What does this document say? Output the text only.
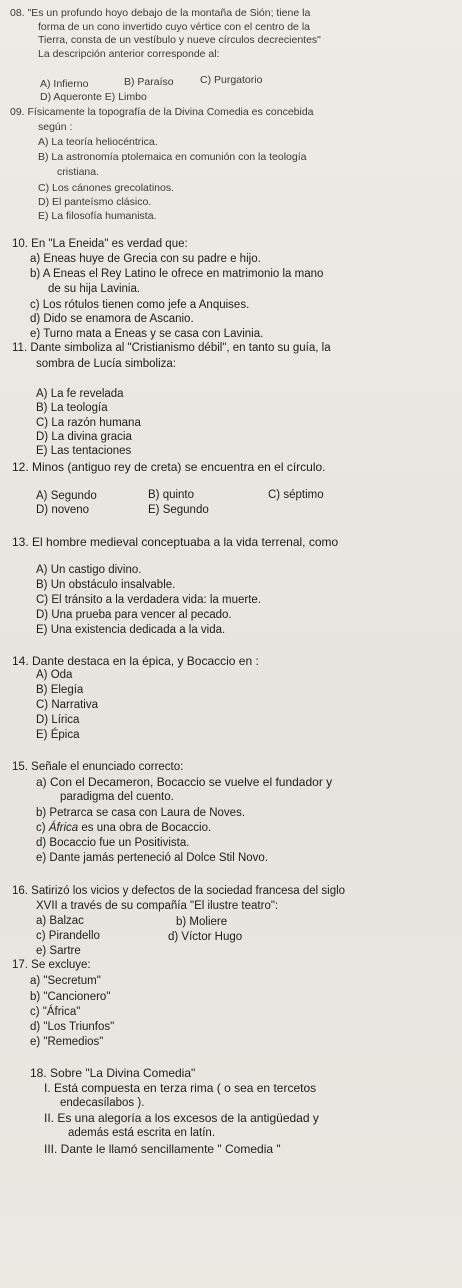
08. "Es un profundo hoyo debajo de la montaña de Sión; tiene la
forma de un cono invertido cuyo vértice con el centro de la
Tierra, consta de un vestíbulo y nueve círculos decrecientes"
La descripción anterior corresponde al:
A) Infierno	B) Paraíso	C) Purgatorio
D) Aqueronte E) Limbo
09. Físicamente la topografía de la Divina Comedia es concebida
según :
A) La teoría heliocéntrica.
B) La astronomía ptolemaica en comunión con la teología
cristiana.
C) Los cánones grecolatinos.
D) El panteísmo clásico.
E) La filosofía humanista.
10. En "La Eneida" es verdad que:
a) Eneas huye de Grecia con su padre e hijo.
b) A Eneas el Rey Latino le ofrece en matrimonio la mano
de su hija Lavinia.
c) Los rótulos tienen como jefe a Anquises.
d) Dido se enamora de Ascanio.
e) Turno mata a Eneas y se casa con Lavinia.
11. Dante simboliza al "Cristianismo débil", en tanto su guía, la
sombra de Lucía simboliza:
A) La fe revelada
B) La teología
C) La razón humana
D) La divina gracia
E) Las tentaciones
12. Minos (antiguo rey de creta) se encuentra en el círculo.
A) Segundo	B) quinto	C) séptimo
D) noveno	E) Segundo
13. El hombre medieval conceptuaba a la vida terrenal, como
A) Un castigo divino.
B) Un obstáculo insalvable.
C) El tránsito a la verdadera vida: la muerte.
D) Una prueba para vencer al pecado.
E) Una existencia dedicada a la vida.
14. Dante destaca en la épica, y Bocaccio en :
A) Oda
B) Elegía
C) Narrativa
D) Lírica
E) Épica
15. Señale el enunciado correcto:
a) Con el Decameron, Bocaccio se vuelve el fundador y
paradigma del cuento.
b) Petrarca se casa con Laura de Noves.
c) África es una obra de Bocaccio.
d) Bocaccio fue un Positivista.
e) Dante jamás perteneció al Dolce Stil Novo.
16. Satirizó los vicios y defectos de la sociedad francesa del siglo
XVII a través de su compañía "El ilustre teatro":
a) Balzac	b) Moliere
c) Pirandello	d) Víctor Hugo
e) Sartre
17. Se excluye:
a) "Secretum"
b) "Cancionero"
c) "África"
d) "Los Triunfos"
e) "Remedios"
18. Sobre "La Divina Comedia"
I. Está compuesta en terza rima ( o sea en tercetos
endecasílabos ).
II. Es una alegoría a los excesos de la antigüedad y
además está escrita en latín.
III. Dante le llamó sencillamente " Comedia "
